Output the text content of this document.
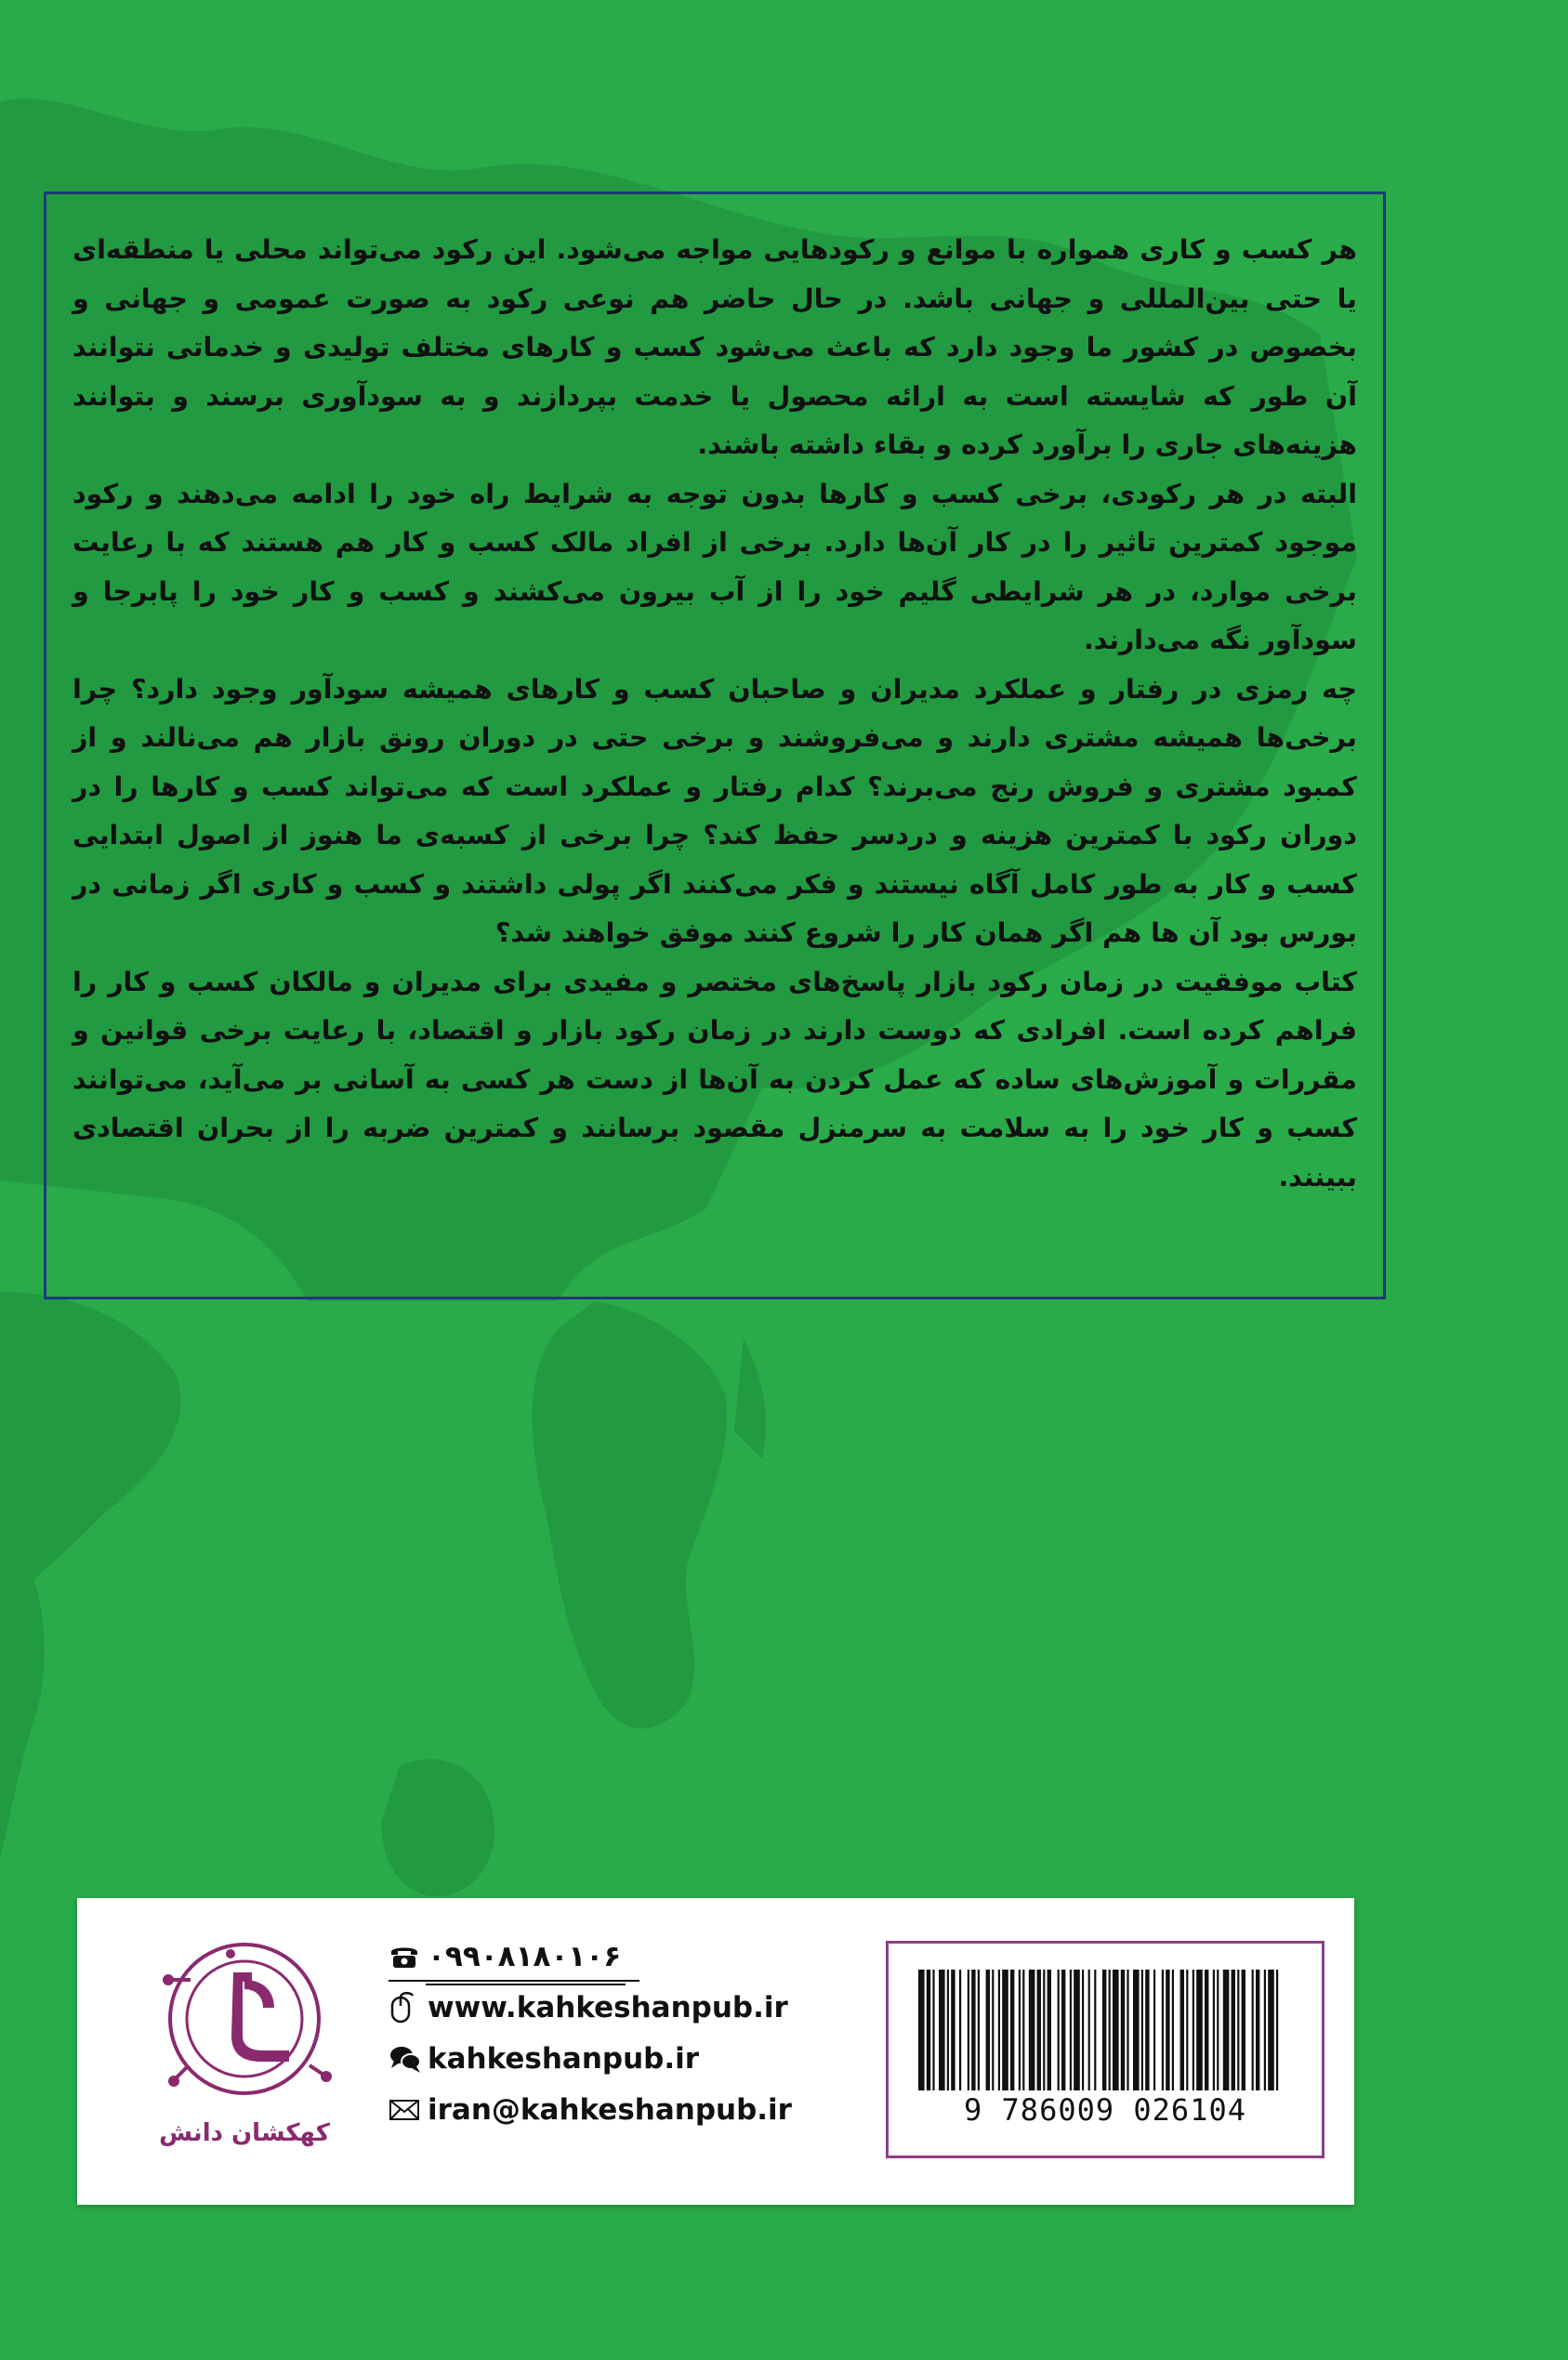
هر کسب و کاری همواره با موانع و رکودهایی مواجه می‌شود. این رکود می‌تواند محلی یا منطقه‌ای یا حتی بین‌المللی و جهانی باشد. در حال حاضر هم نوعی رکود به صورت عمومی و جهانی و بخصوص در کشور ما وجود دارد که باعث می‌شود کسب و کارهای مختلف تولیدی و خدماتی نتوانند آن طور که شایسته است به ارائه محصول یا خدمت بپردازند و به سودآوری برسند و بتوانند هزینه‌های جاری را برآورد کرده و بقاء داشته باشند.

البته در هر رکودی، برخی کسب و کارها بدون توجه به شرایط راه خود را ادامه می‌دهند و رکود موجود کمترین تاثیر را در کار آن‌ها دارد. برخی از افراد مالک کسب و کار هم هستند که با رعایت برخی موارد، در هر شرایطی گلیم خود را از آب بیرون می‌کشند و کسب و کار خود را پابرجا و سودآور نگه می‌دارند.

چه رمزی در رفتار و عملکرد مدیران و صاحبان کسب و کارهای همیشه سودآور وجود دارد؟ چرا برخی‌ها همیشه مشتری دارند و می‌فروشند و برخی حتی در دوران رونق بازار هم می‌نالند و از کمبود مشتری و فروش رنج می‌برند؟ کدام رفتار و عملکرد است که می‌تواند کسب و کارها را در دوران رکود با کمترین هزینه و دردسر حفظ کند؟ چرا برخی از کسبه‌ی ما هنوز از اصول ابتدایی کسب و کار به طور کامل آگاه نیستند و فکر می‌کنند اگر پولی داشتند و کسب و کاری اگر زمانی در بورس بود آن ها هم اگر همان کار را شروع کنند موفق خواهند شد؟

کتاب موفقیت در زمان رکود بازار پاسخ‌های مختصر و مفیدی برای مدیران و مالکان کسب و کار را فراهم کرده است. افرادی که دوست دارند در زمان رکود بازار و اقتصاد، با رعایت برخی قوانین و مقررات و آموزش‌های ساده که عمل کردن به آن‌ها از دست هر کسی به آسانی بر می‌آید، می‌توانند کسب و کار خود را به سلامت به سرمنزل مقصود برسانند و کمترین ضربه را از بحران اقتصادی ببینند.

کهکشان دانش
۰۹۹۰۸۱۸۰۱۰۶
www.kahkeshanpub.ir
kahkeshanpub.ir
iran@kahkeshanpub.ir	9 786009 026104
